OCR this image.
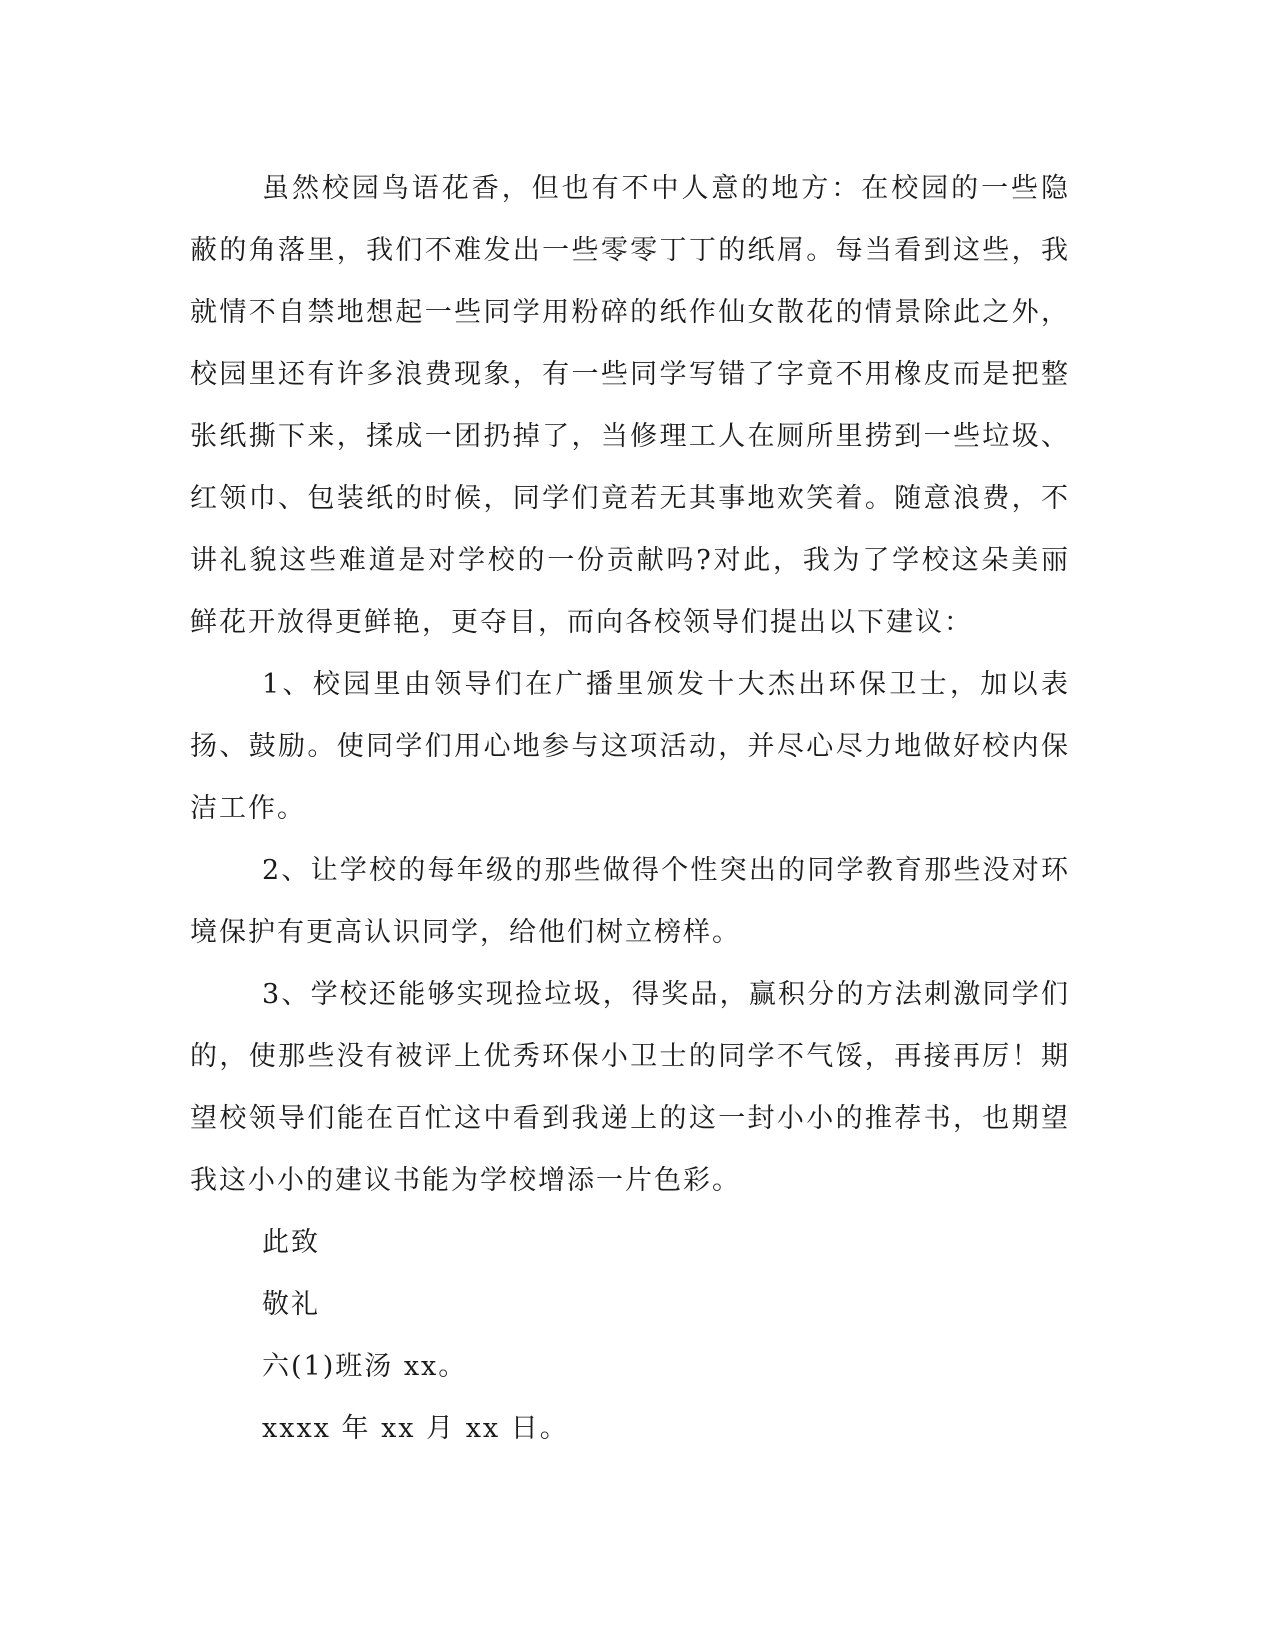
虽然校园鸟语花香，但也有不中人意的地方：在校园的一些隐蔽的角落里，我们不难发出一些零零丁丁的纸屑。每当看到这些，我就情不自禁地想起一些同学用粉碎的纸作仙女散花的情景除此之外，校园里还有许多浪费现象，有一些同学写错了字竟不用橡皮而是把整张纸撕下来，揉成一团扔掉了，当修理工人在厕所里捞到一些垃圾、红领巾、包装纸的时候，同学们竟若无其事地欢笑着。随意浪费，不讲礼貌这些难道是对学校的一份贡献吗?对此，我为了学校这朵美丽鲜花开放得更鲜艳，更夺目，而向各校领导们提出以下建议：

1、校园里由领导们在广播里颁发十大杰出环保卫士，加以表扬、鼓励。使同学们用心地参与这项活动，并尽心尽力地做好校内保洁工作。

2、让学校的每年级的那些做得个性突出的同学教育那些没对环境保护有更高认识同学，给他们树立榜样。

3、学校还能够实现捡垃圾，得奖品，赢积分的方法刺激同学们的，使那些没有被评上优秀环保小卫士的同学不气馁，再接再厉！期望校领导们能在百忙这中看到我递上的这一封小小的推荐书，也期望我这小小的建议书能为学校增添一片色彩。

此致

敬礼

六(1)班汤 xx。

xxxx 年 xx 月 xx 日。
